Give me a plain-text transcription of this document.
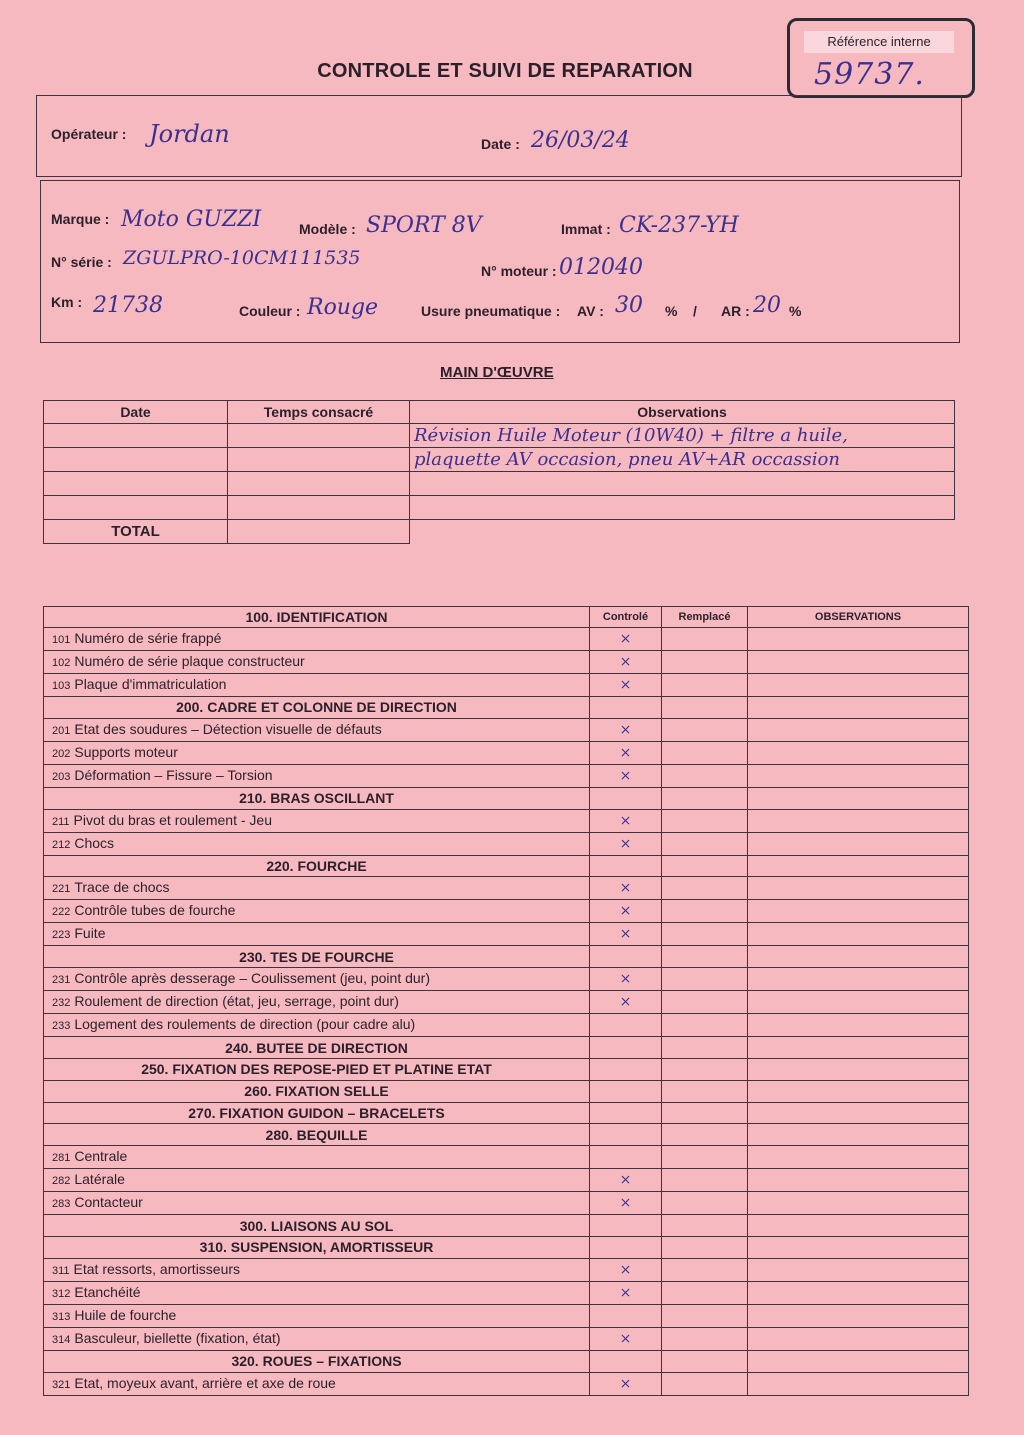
Référence interne
59737.
CONTROLE ET SUIVI DE REPARATION
Opérateur : Jordan	Date : 26/03/24
Marque : Moto GUZZI	Modèle : SPORT 8V	Immat : CK-237-YH
N° série : ZGULPRO-10CM111535
N° moteur : 012040
Km : 21738	Couleur : Rouge	Usure pneumatique : AV : 30 % / AR : 20 %
MAIN D'ŒUVRE
Date	Temps consacré	Observations
		Révision Huile Moteur (10W40) + filtre a huile,
		plaquette AV occasion, pneu AV+AR occassion

TOTAL		
100. IDENTIFICATION	Controlé	Remplacé	OBSERVATIONS
101 Numéro de série frappé	×		
102 Numéro de série plaque constructeur	×		
103 Plaque d'immatriculation	×		
200. CADRE ET COLONNE DE DIRECTION			
201 Etat des soudures – Détection visuelle de défauts	×		
202 Supports moteur	×		
203 Déformation – Fissure – Torsion	×		
210. BRAS OSCILLANT			
211 Pivot du bras et roulement - Jeu	×		
212 Chocs	×		
220. FOURCHE			
221 Trace de chocs	×		
222 Contrôle tubes de fourche	×		
223 Fuite	×		
230. TES DE FOURCHE			
231 Contrôle après desserage – Coulissement (jeu, point dur)	×		
232 Roulement de direction (état, jeu, serrage, point dur)	×		
233 Logement des roulements de direction (pour cadre alu)			
240. BUTEE DE DIRECTION			
250. FIXATION DES REPOSE-PIED ET PLATINE ETAT			
260. FIXATION SELLE			
270. FIXATION GUIDON – BRACELETS			
280. BEQUILLE			
281 Centrale			
282 Latérale	×		
283 Contacteur	×		
300. LIAISONS AU SOL			
310. SUSPENSION, AMORTISSEUR			
311 Etat ressorts, amortisseurs	×		
312 Etanchéité	×		
313 Huile de fourche			
314 Basculeur, biellette (fixation, état)	×		
320. ROUES – FIXATIONS			
321 Etat, moyeux avant, arrière et axe de roue	×		
